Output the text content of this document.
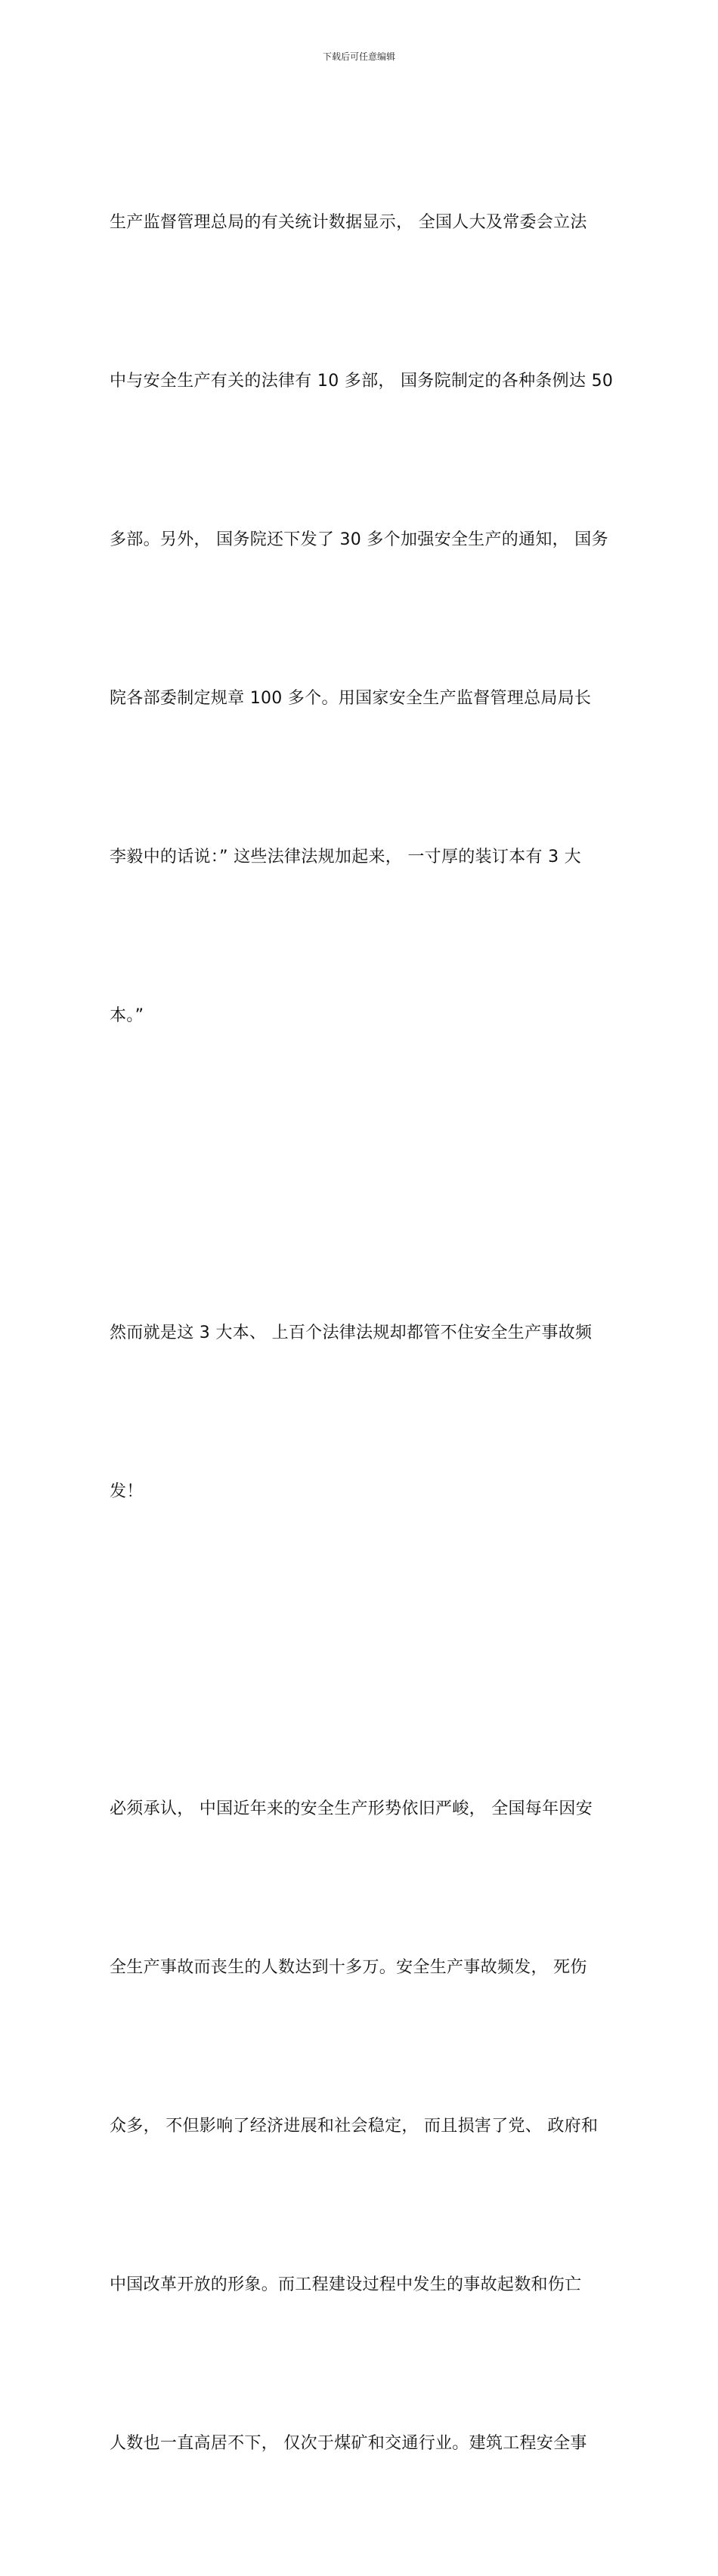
下载后可任意编辑

生产监督管理总局的有关统计数据显示， 全国人大及常委会立法

中与安全生产有关的法律有 10 多部， 国务院制定的各种条例达 50

多部。另外， 国务院还下发了 30 多个加强安全生产的通知， 国务

院各部委制定规章 100 多个。用国家安全生产监督管理总局局长

李毅中的话说：” 这些法律法规加起来， 一寸厚的装订本有 3 大

本。”

然而就是这 3 大本、 上百个法律法规却都管不住安全生产事故频

发！

必须承认， 中国近年来的安全生产形势依旧严峻， 全国每年因安

全生产事故而丧生的人数达到十多万。安全生产事故频发， 死伤

众多， 不但影响了经济进展和社会稳定， 而且损害了党、 政府和

中国改革开放的形象。而工程建设过程中发生的事故起数和伤亡

人数也一直高居不下， 仅次于煤矿和交通行业。建筑工程安全事
